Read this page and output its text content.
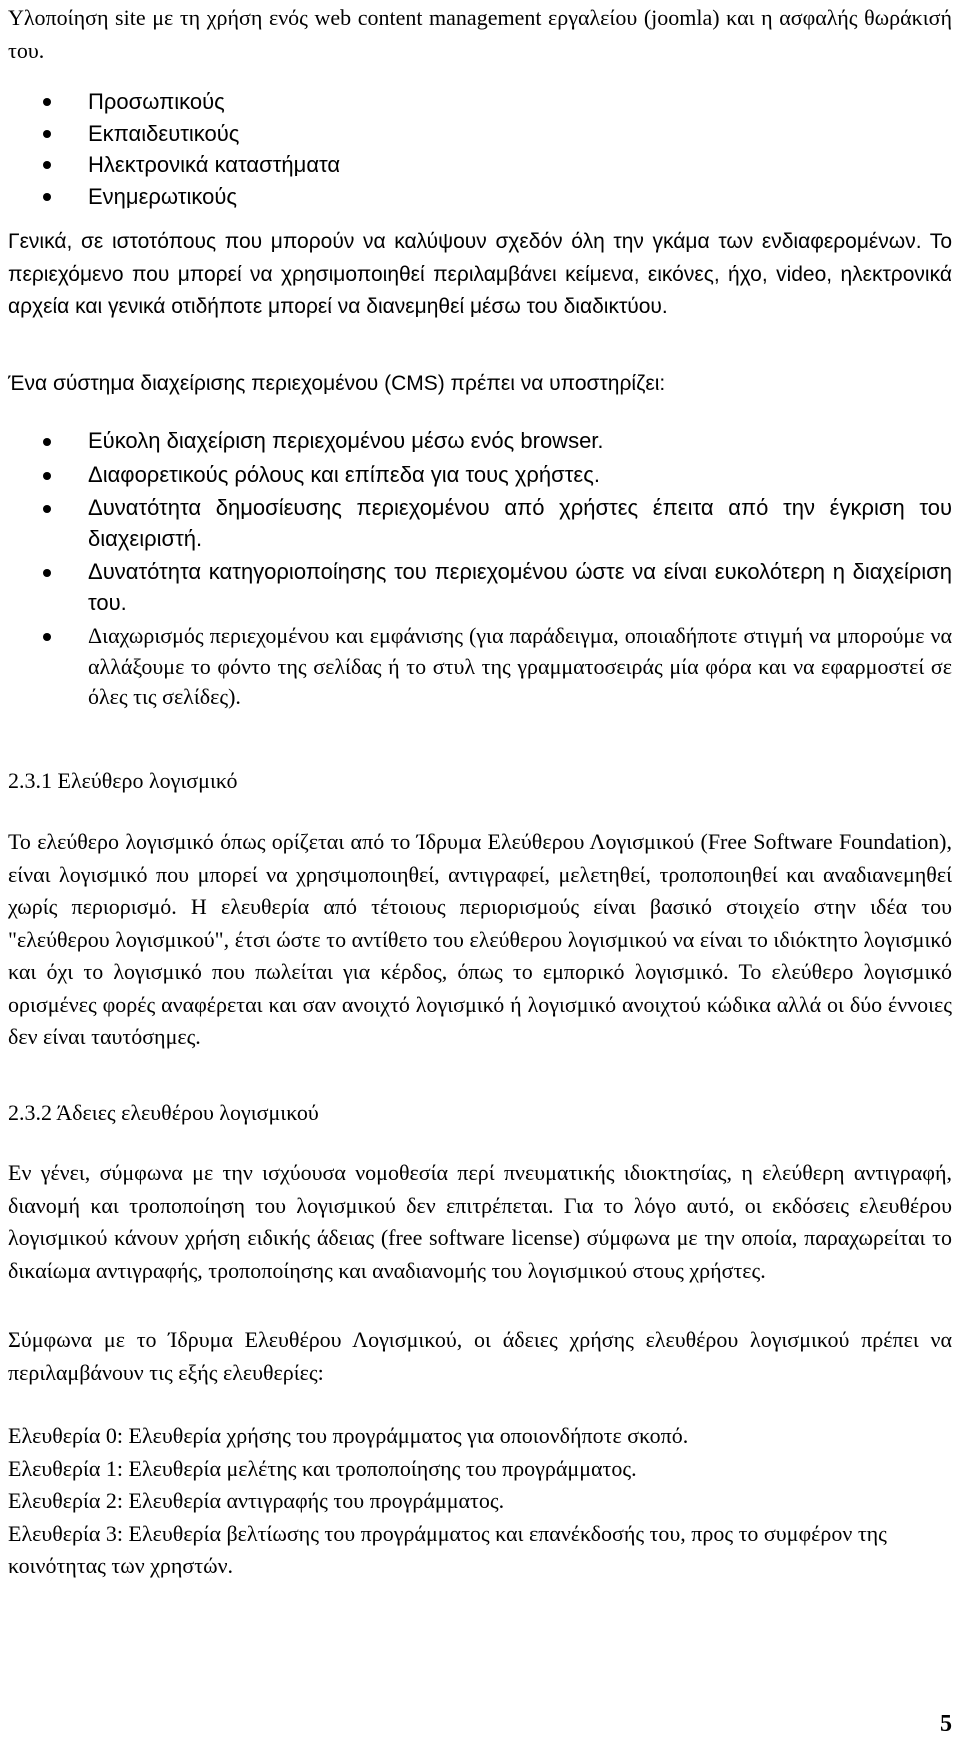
Υλοποίηση site με τη χρήση ενός web content management εργαλείου (joomla) και η ασφαλής θωράκισή του.

Προσωπικούς
Εκπαιδευτικούς
Ηλεκτρονικά καταστήματα
Ενημερωτικούς

Γενικά, σε ιστοτόπους που μπορούν να καλύψουν σχεδόν όλη την γκάμα των ενδιαφερομένων. Το περιεχόμενο που μπορεί να χρησιμοποιηθεί περιλαμβάνει κείμενα, εικόνες, ήχο, video, ηλεκτρονικά αρχεία και γενικά οτιδήποτε μπορεί να διανεμηθεί μέσω του διαδικτύου.

Ένα σύστημα διαχείρισης περιεχομένου (CMS) πρέπει να υποστηρίζει:

Εύκολη διαχείριση περιεχομένου μέσω ενός browser.
Διαφορετικούς ρόλους και επίπεδα για τους χρήστες.
Δυνατότητα δημοσίευσης περιεχομένου από χρήστες έπειτα από την έγκριση του διαχειριστή.
Δυνατότητα κατηγοριοποίησης του περιεχομένου ώστε να είναι ευκολότερη η διαχείριση του.
Διαχωρισμός περιεχομένου και εμφάνισης (για παράδειγμα, οποιαδήποτε στιγμή να μπορούμε να αλλάξουμε το φόντο της σελίδας ή το στυλ της γραμματοσειράς μία φόρα και να εφαρμοστεί σε όλες τις σελίδες).
2.3.1 Ελεύθερο λογισμικό

Το ελεύθερο λογισμικό όπως ορίζεται από το Ίδρυμα Ελεύθερου Λογισμικού (Free Software Foundation), είναι λογισμικό που μπορεί να χρησιμοποιηθεί, αντιγραφεί, μελετηθεί, τροποποιηθεί και αναδιανεμηθεί χωρίς περιορισμό. Η ελευθερία από τέτοιους περιορισμούς είναι βασικό στοιχείο στην ιδέα του "ελεύθερου λογισμικού", έτσι ώστε το αντίθετο του ελεύθερου λογισμικού να είναι το ιδιόκτητο λογισμικό και όχι το λογισμικό που πωλείται για κέρδος, όπως το εμπορικό λογισμικό. Το ελεύθερο λογισμικό ορισμένες φορές αναφέρεται και σαν ανοιχτό λογισμικό ή λογισμικό ανοιχτού κώδικα αλλά οι δύο έννοιες δεν είναι ταυτόσημες.

2.3.2 Άδειες ελευθέρου λογισμικού

Εν γένει, σύμφωνα με την ισχύουσα νομοθεσία περί πνευματικής ιδιοκτησίας, η ελεύθερη αντιγραφή, διανομή και τροποποίηση του λογισμικού δεν επιτρέπεται. Για το λόγο αυτό, οι εκδόσεις ελευθέρου λογισμικού κάνουν χρήση ειδικής άδειας (free software license) σύμφωνα με την οποία, παραχωρείται το δικαίωμα αντιγραφής, τροποποίησης και αναδιανομής του λογισμικού στους χρήστες.

Σύμφωνα με το Ίδρυμα Ελευθέρου Λογισμικού, οι άδειες χρήσης ελευθέρου λογισμικού πρέπει να περιλαμβάνουν τις εξής ελευθερίες:

Ελευθερία 0: Ελευθερία χρήσης του προγράμματος για οποιονδήποτε σκοπό.
Ελευθερία 1: Ελευθερία μελέτης και τροποποίησης του προγράμματος.
Ελευθερία 2: Ελευθερία αντιγραφής του προγράμματος.
Ελευθερία 3: Ελευθερία βελτίωσης του προγράμματος και επανέκδοσής του, προς το συμφέρον της κοινότητας των χρηστών.
5
